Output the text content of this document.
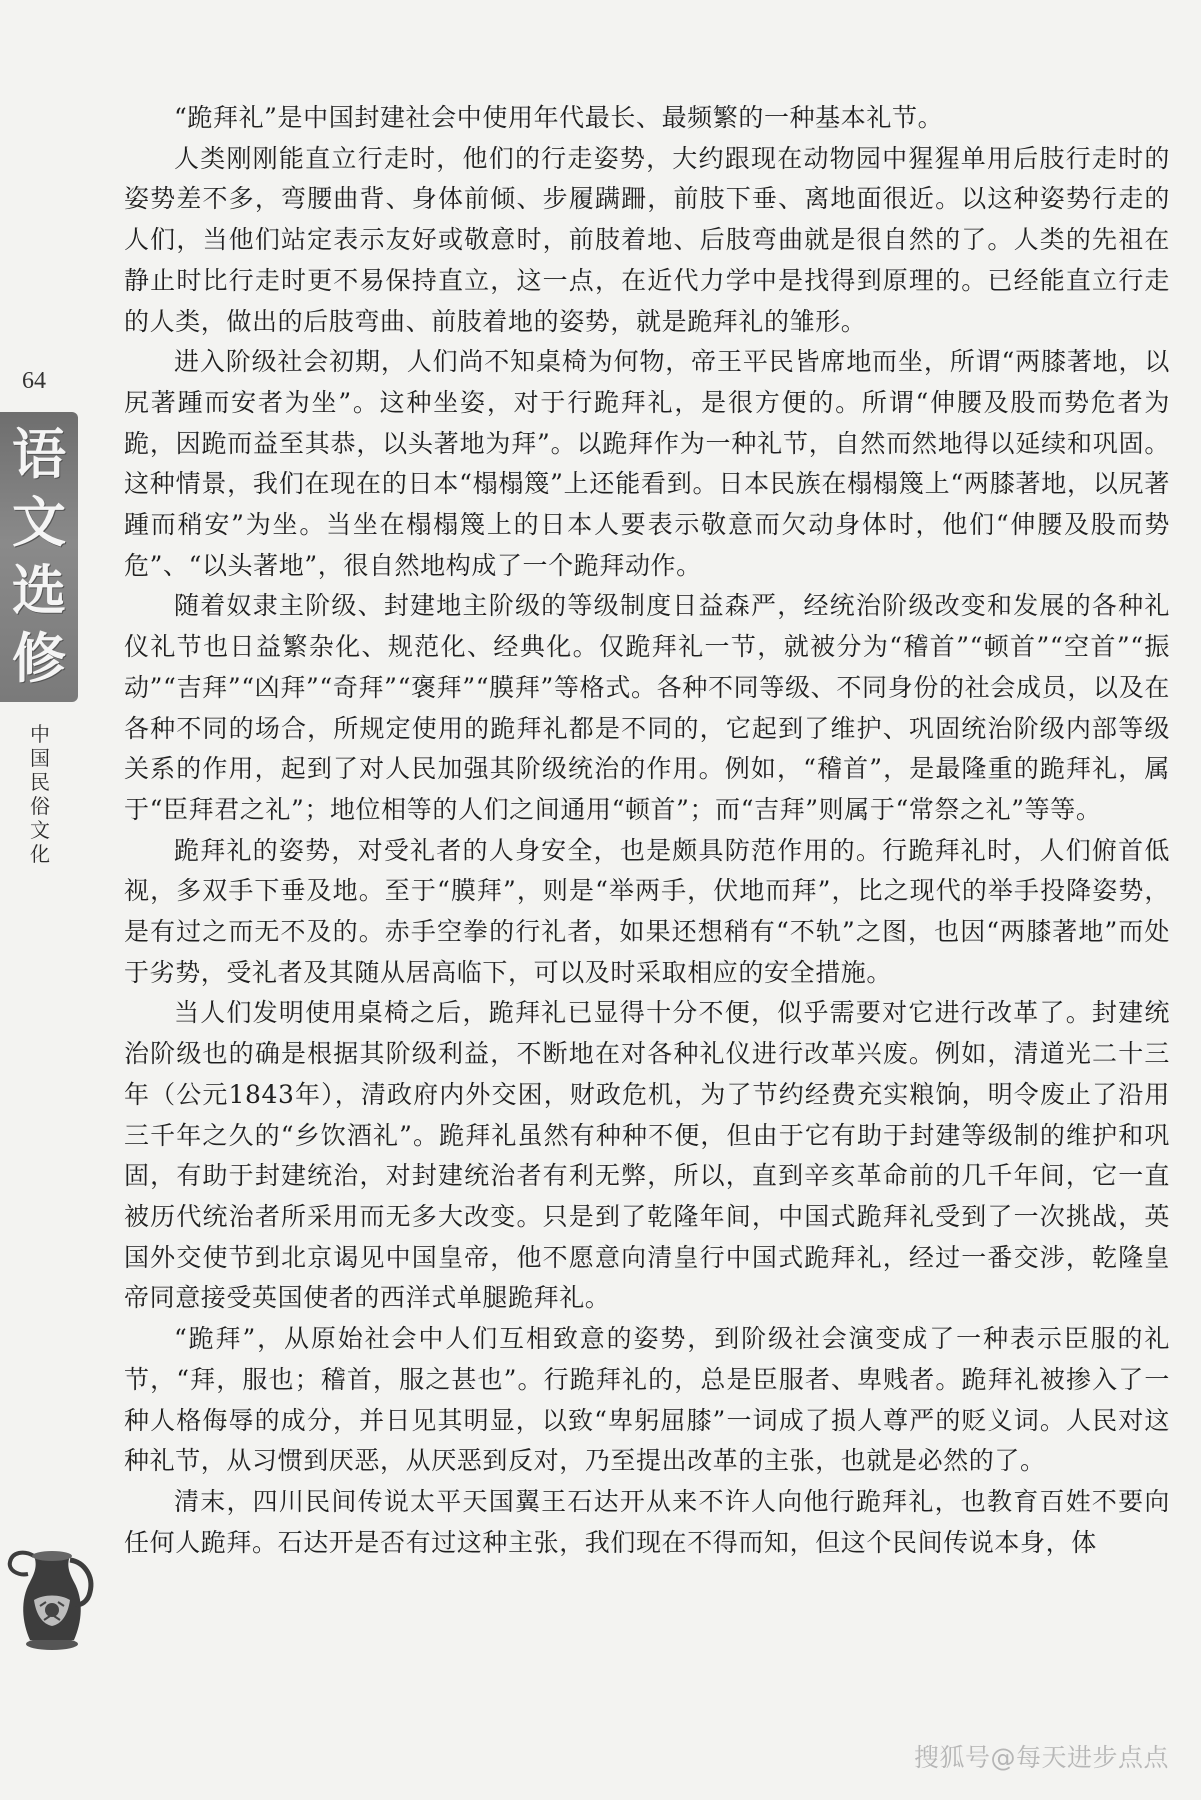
64
语
文
选
修
中
国
民
俗
文
化

“跪拜礼”是中国封建社会中使用年代最长、最频繁的一种基本礼节。

人类刚刚能直立行走时，他们的行走姿势，大约跟现在动物园中猩猩单用后肢行走时的姿势差不多，弯腰曲背、身体前倾、步履蹒跚，前肢下垂、离地面很近。以这种姿势行走的人们，当他们站定表示友好或敬意时，前肢着地、后肢弯曲就是很自然的了。人类的先祖在静止时比行走时更不易保持直立，这一点，在近代力学中是找得到原理的。已经能直立行走的人类，做出的后肢弯曲、前肢着地的姿势，就是跪拜礼的雏形。

进入阶级社会初期，人们尚不知桌椅为何物，帝王平民皆席地而坐，所谓“两膝著地，以尻著踵而安者为坐”。这种坐姿，对于行跪拜礼，是很方便的。所谓“伸腰及股而势危者为跪，因跪而益至其恭，以头著地为拜”。以跪拜作为一种礼节，自然而然地得以延续和巩固。这种情景，我们在现在的日本“榻榻篾”上还能看到。日本民族在榻榻篾上“两膝著地，以尻著踵而稍安”为坐。当坐在榻榻篾上的日本人要表示敬意而欠动身体时，他们“伸腰及股而势危”、“以头著地”，很自然地构成了一个跪拜动作。

随着奴隶主阶级、封建地主阶级的等级制度日益森严，经统治阶级改变和发展的各种礼仪礼节也日益繁杂化、规范化、经典化。仅跪拜礼一节，就被分为“稽首”“顿首”“空首”“振动”“吉拜”“凶拜”“奇拜”“褒拜”“膜拜”等格式。各种不同等级、不同身份的社会成员，以及在各种不同的场合，所规定使用的跪拜礼都是不同的，它起到了维护、巩固统治阶级内部等级关系的作用，起到了对人民加强其阶级统治的作用。例如，“稽首”，是最隆重的跪拜礼，属于“臣拜君之礼”；地位相等的人们之间通用“顿首”；而“吉拜”则属于“常祭之礼”等等。

跪拜礼的姿势，对受礼者的人身安全，也是颇具防范作用的。行跪拜礼时，人们俯首低视，多双手下垂及地。至于“膜拜”，则是“举两手，伏地而拜”，比之现代的举手投降姿势，是有过之而无不及的。赤手空拳的行礼者，如果还想稍有“不轨”之图，也因“两膝著地”而处于劣势，受礼者及其随从居高临下，可以及时采取相应的安全措施。

当人们发明使用桌椅之后，跪拜礼已显得十分不便，似乎需要对它进行改革了。封建统治阶级也的确是根据其阶级利益，不断地在对各种礼仪进行改革兴废。例如，清道光二十三年（公元1843年），清政府内外交困，财政危机，为了节约经费充实粮饷，明令废止了沿用三千年之久的“乡饮酒礼”。跪拜礼虽然有种种不便，但由于它有助于封建等级制的维护和巩固，有助于封建统治，对封建统治者有利无弊，所以，直到辛亥革命前的几千年间，它一直被历代统治者所采用而无多大改变。只是到了乾隆年间，中国式跪拜礼受到了一次挑战，英国外交使节到北京谒见中国皇帝，他不愿意向清皇行中国式跪拜礼，经过一番交涉，乾隆皇帝同意接受英国使者的西洋式单腿跪拜礼。

“跪拜”，从原始社会中人们互相致意的姿势，到阶级社会演变成了一种表示臣服的礼节，“拜，服也；稽首，服之甚也”。行跪拜礼的，总是臣服者、卑贱者。跪拜礼被掺入了一种人格侮辱的成分，并日见其明显，以致“卑躬屈膝”一词成了损人尊严的贬义词。人民对这种礼节，从习惯到厌恶，从厌恶到反对，乃至提出改革的主张，也就是必然的了。

清末，四川民间传说太平天国翼王石达开从来不许人向他行跪拜礼，也教育百姓不要向任何人跪拜。石达开是否有过这种主张，我们现在不得而知，但这个民间传说本身，体

搜狐号@每天进步点点
